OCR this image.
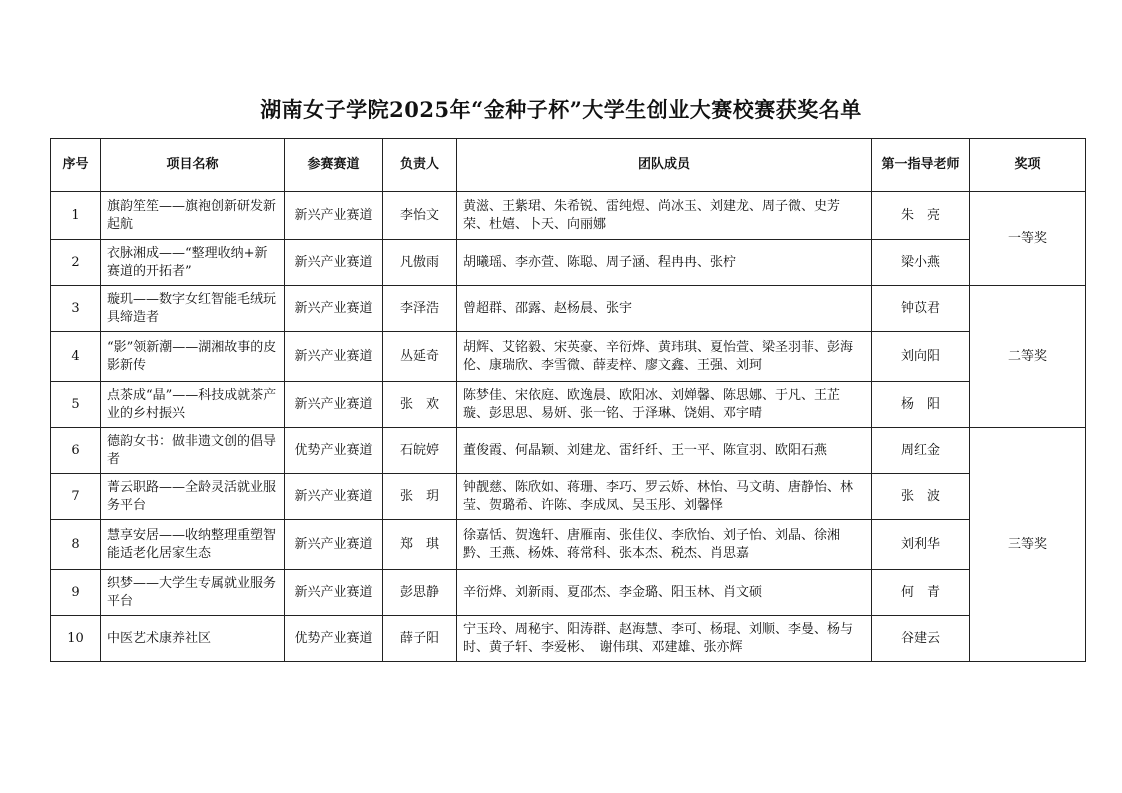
湖南女子学院2025年“金种子杯”大学生创业大赛校赛获奖名单
序号	项目名称	参赛赛道	负责人	团队成员	第一指导老师	奖项
1	旗韵笙笙——旗袍创新研发新起航	新兴产业赛道	李怡文	黄滋、王紫珺、朱希锐、雷纯煜、尚冰玉、刘建龙、周子微、史芳荣、杜嬉、卜天、向丽娜	朱　亮	一等奖
2	衣脉湘成——“整理收纳+新赛道的开拓者”	新兴产业赛道	凡傲雨	胡曦瑶、李亦萱、陈聪、周子涵、程冉冉、张柠	梁小燕	
3	璇玑——数字女红智能毛绒玩具缔造者	新兴产业赛道	李泽浩	曾超群、邵露、赵杨晨、张宇	钟苡君	二等奖
4	“影”领新潮——湖湘故事的皮影新传	新兴产业赛道	丛延奇	胡辉、艾铭毅、宋英豪、辛衍烨、黄玮琪、夏怡萱、梁圣羽菲、彭海伦、康瑞欣、李雪微、薛麦梓、廖文鑫、王强、刘珂	刘向阳	
5	点茶成“晶”——科技成就茶产业的乡村振兴	新兴产业赛道	张　欢	陈梦佳、宋依庭、欧逸晨、欧阳冰、刘婵馨、陈思娜、于凡、王芷璇、彭思思、易妍、张一铭、于泽琳、饶娟、邓宇晴	杨　阳	
6	德韵女书：做非遗文创的倡导者	优势产业赛道	石皖婷	董俊霞、何晶颖、刘建龙、雷纤纤、王一平、陈宣羽、欧阳石燕	周红金	三等奖
7	菁云职路——全龄灵活就业服务平台	新兴产业赛道	张　玥	钟靓慈、陈欣如、蒋珊、李巧、罗云娇、林怡、马文萌、唐静怡、林莹、贺璐希、许陈、李成凤、吴玉彤、刘馨怿	张　波	
8	慧享安居——收纳整理重塑智能适老化居家生态	新兴产业赛道	郑　琪	徐嘉恬、贺逸轩、唐雁南、张佳仪、李欣怡、刘子怡、刘晶、徐湘黔、王燕、杨姝、蒋常科、张本杰、税杰、肖思嘉	刘利华	
9	织梦——大学生专属就业服务平台	新兴产业赛道	彭思静	辛衍烨、刘新雨、夏邵杰、李金璐、阳玉林、肖文硕	何　青	
10	中医艺术康养社区	优势产业赛道	薛子阳	宁玉玲、周秘宇、阳涛群、赵海慧、李可、杨琨、刘顺、李曼、杨与时、黄子轩、李爱彬、　谢伟琪、邓建雄、张亦辉	谷建云	
